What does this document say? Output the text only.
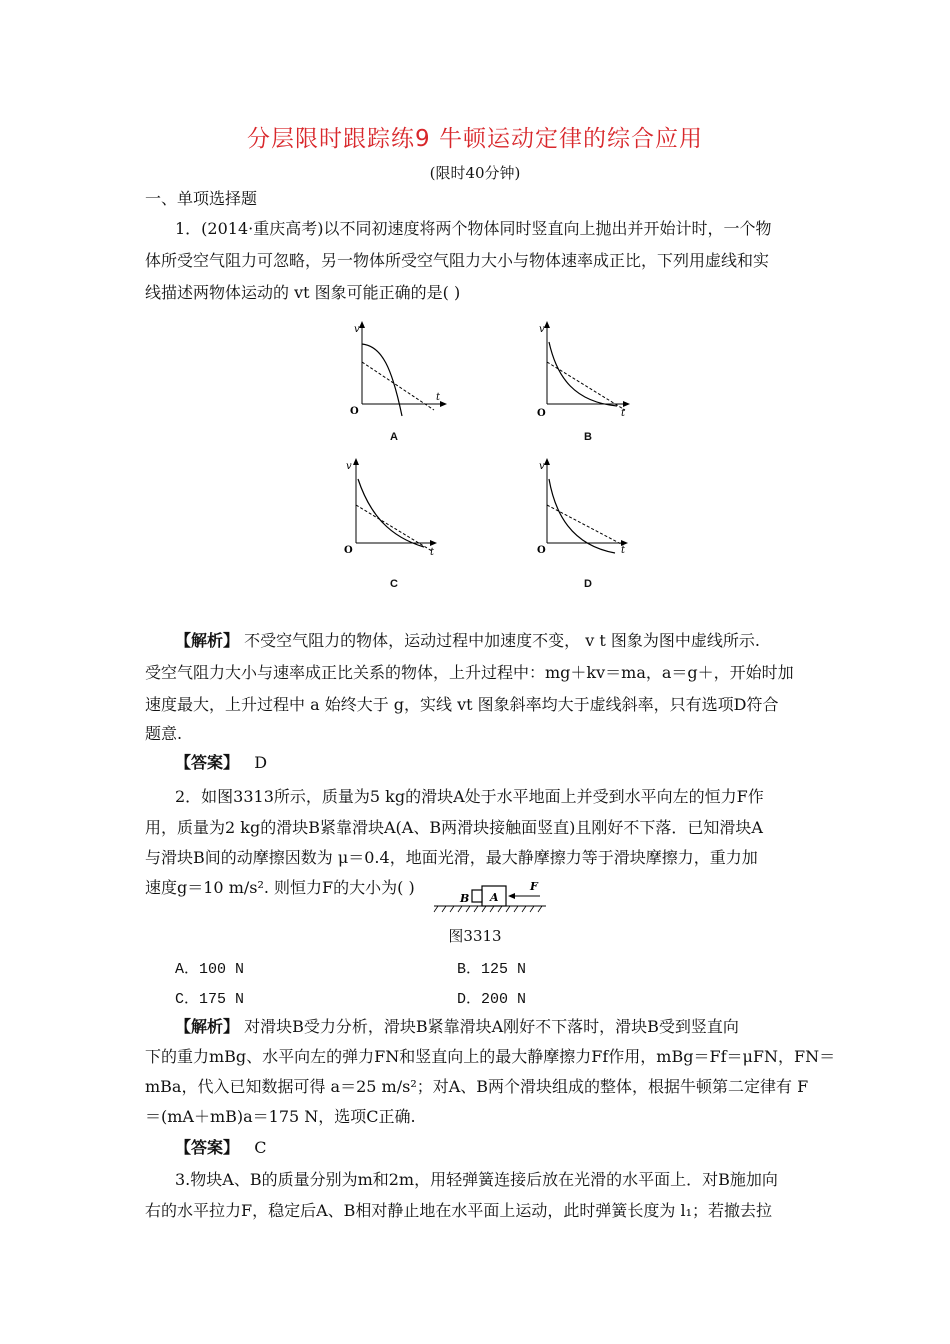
分层限时跟踪练9 牛顿运动定律的综合应用
(限时40分钟)
一、单项选择题
1．(2014·重庆高考)以不同初速度将两个物体同时竖直向上抛出并开始计时，一个物
体所受空气阻力可忽略，另一物体所受空气阻力大小与物体速率成正比，下列用虚线和实
线描述两物体运动的 vt 图象可能正确的是( )
v
t
O
A
v
t
O
B
v
t
O
C
v
t
O
D
【解析】 不受空气阻力的物体，运动过程中加速度不变， v t 图象为图中虚线所示.
受空气阻力大小与速率成正比关系的物体，上升过程中：mg＋kv＝ma，a＝g＋，开始时加
速度最大，上升过程中 a 始终大于 g，实线 vt 图象斜率均大于虚线斜率，只有选项D符合
题意.
【答案】 D
2．如图3313所示，质量为5 kg的滑块A处于水平地面上并受到水平向左的恒力F作
用，质量为2 kg的滑块B紧靠滑块A(A、B两滑块接触面竖直)且刚好不下落．已知滑块A
与滑块B间的动摩擦因数为 μ＝0.4，地面光滑，最大静摩擦力等于滑块摩擦力，重力加
速度g＝10 m/s². 则恒力F的大小为( )
B A
F
图3313
A．100 N	B．125 N
C．175 N	D．200 N
【解析】 对滑块B受力分析，滑块B紧靠滑块A刚好不下落时，滑块B受到竖直向
下的重力mBg、水平向左的弹力FN和竖直向上的最大静摩擦力Ff作用，mBg＝Ff＝μFN，FN＝
mBa，代入已知数据可得 a＝25 m/s²；对A、B两个滑块组成的整体，根据牛顿第二定律有 F
＝(mA＋mB)a＝175 N，选项C正确.
【答案】 C
3.物块A、B的质量分别为m和2m，用轻弹簧连接后放在光滑的水平面上．对B施加向
右的水平拉力F，稳定后A、B相对静止地在水平面上运动，此时弹簧长度为 l₁；若撤去拉
